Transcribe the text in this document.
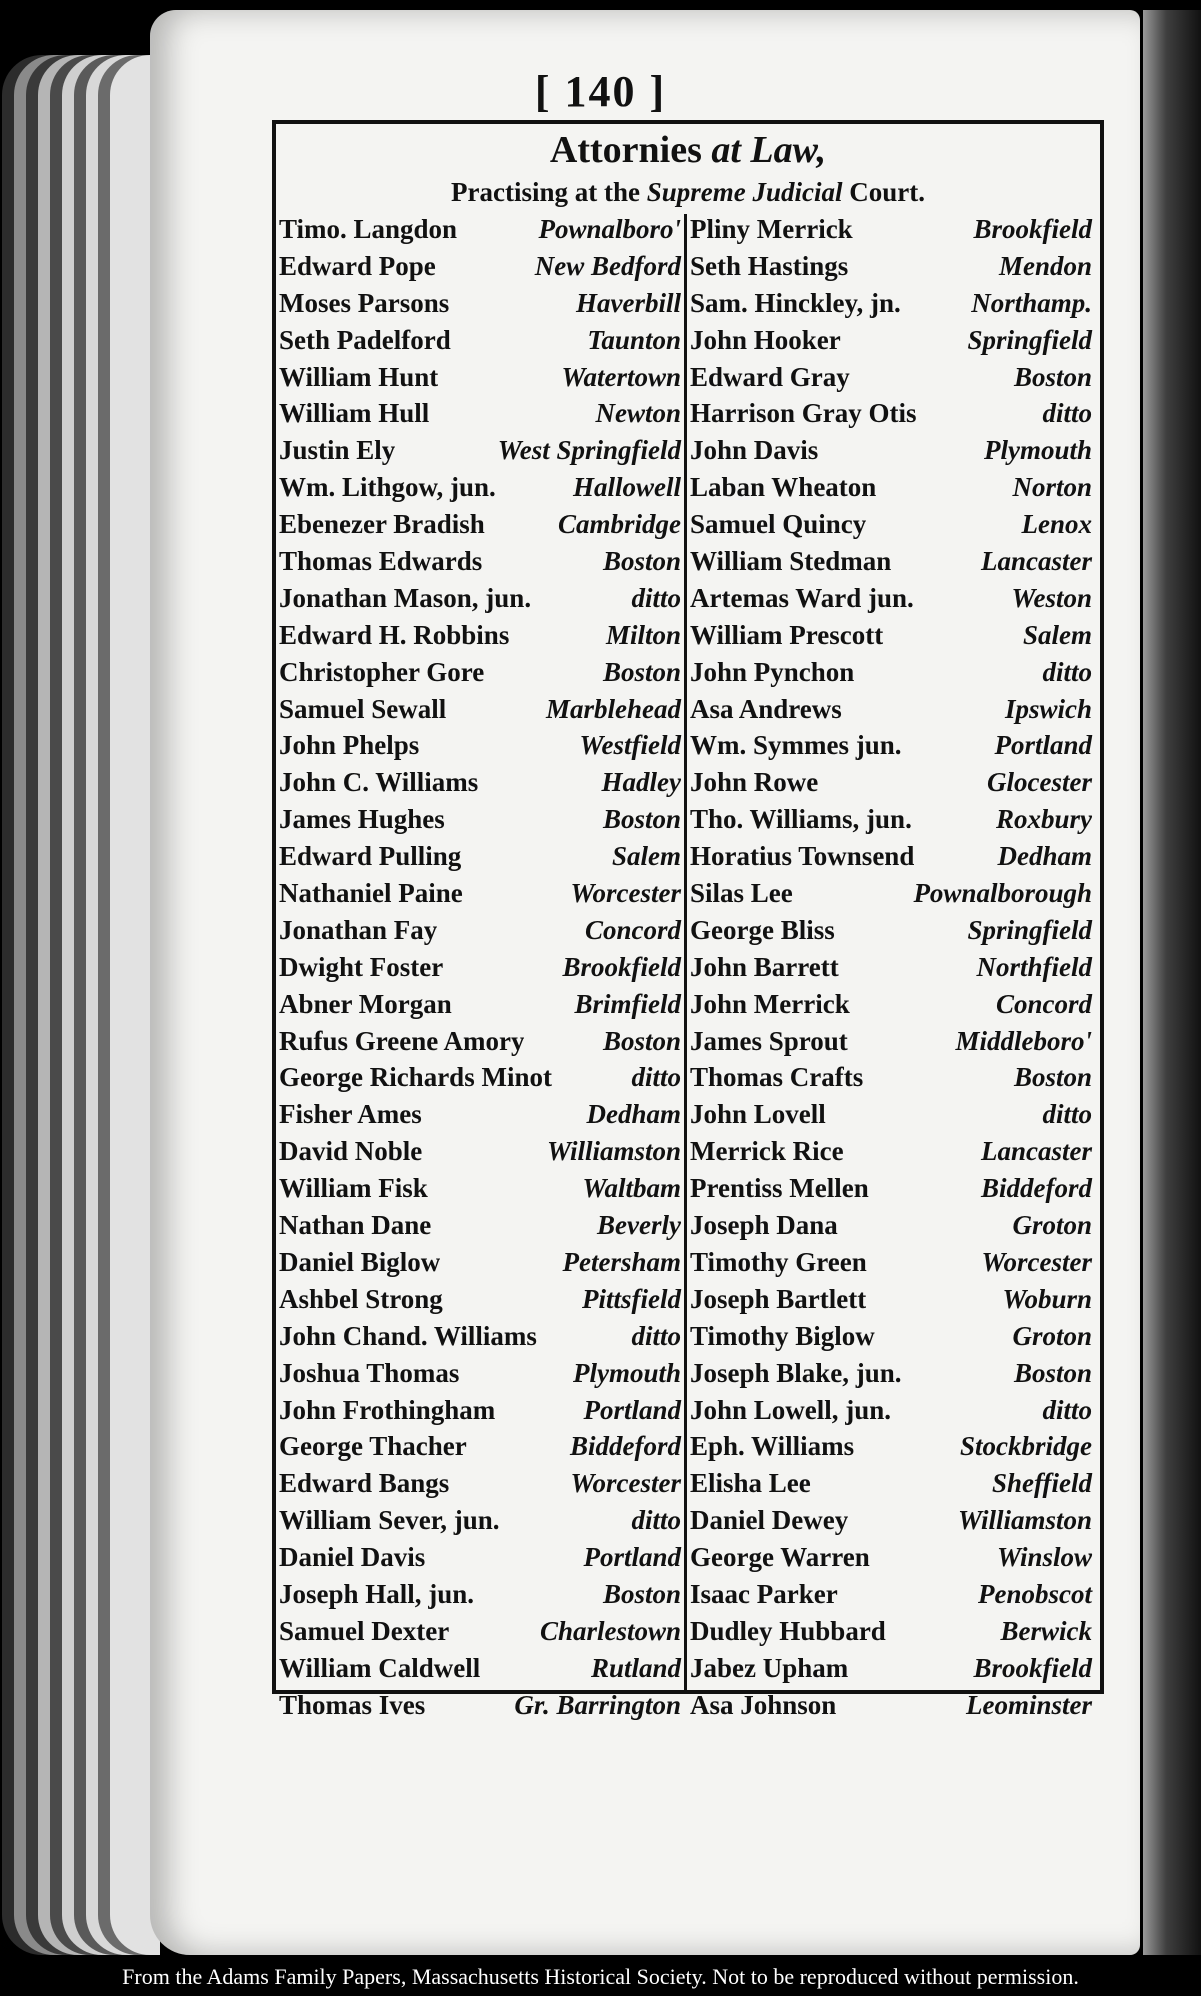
[ 140 ]
Attornies at Law,
Practising at the Supreme Judicial Court.
Timo. Langdon	Pownalboro'
Edward Pope	New Bedford
Moses Parsons	Haverbill
Seth Padelford	Taunton
William Hunt	Watertown
William Hull	Newton
Justin Ely	West Springfield
Wm. Lithgow, jun.	Hallowell
Ebenezer Bradish	Cambridge
Thomas Edwards	Boston
Jonathan Mason, jun.	ditto
Edward H. Robbins	Milton
Christopher Gore	Boston
Samuel Sewall	Marblehead
John Phelps	Westfield
John C. Williams	Hadley
James Hughes	Boston
Edward Pulling	Salem
Nathaniel Paine	Worcester
Jonathan Fay	Concord
Dwight Foster	Brookfield
Abner Morgan	Brimfield
Rufus Greene Amory	Boston
George Richards Minot	ditto
Fisher Ames	Dedham
David Noble	Williamston
William Fisk	Waltbam
Nathan Dane	Beverly
Daniel Biglow	Petersham
Ashbel Strong	Pittsfield
John Chand. Williams	ditto
Joshua Thomas	Plymouth
John Frothingham	Portland
George Thacher	Biddeford
Edward Bangs	Worcester
William Sever, jun.	ditto
Daniel Davis	Portland
Joseph Hall, jun.	Boston
Samuel Dexter	Charlestown
William Caldwell	Rutland
Thomas Ives	Gr. Barrington
Pliny Merrick	Brookfield
Seth Hastings	Mendon
Sam. Hinckley, jn.	Northamp.
John Hooker	Springfield
Edward Gray	Boston
Harrison Gray Otis	ditto
John Davis	Plymouth
Laban Wheaton	Norton
Samuel Quincy	Lenox
William Stedman	Lancaster
Artemas Ward jun.	Weston
William Prescott	Salem
John Pynchon	ditto
Asa Andrews	Ipswich
Wm. Symmes jun.	Portland
John Rowe	Glocester
Tho. Williams, jun.	Roxbury
Horatius Townsend	Dedham
Silas Lee	Pownalborough
George Bliss	Springfield
John Barrett	Northfield
John Merrick	Concord
James Sprout	Middleboro'
Thomas Crafts	Boston
John Lovell	ditto
Merrick Rice	Lancaster
Prentiss Mellen	Biddeford
Joseph Dana	Groton
Timothy Green	Worcester
Joseph Bartlett	Woburn
Timothy Biglow	Groton
Joseph Blake, jun.	Boston
John Lowell, jun.	ditto
Eph. Williams	Stockbridge
Elisha Lee	Sheffield
Daniel Dewey	Williamston
George Warren	Winslow
Isaac Parker	Penobscot
Dudley Hubbard	Berwick
Jabez Upham	Brookfield
Asa Johnson	Leominster
From the Adams Family Papers, Massachusetts Historical Society. Not to be reproduced without permission.
